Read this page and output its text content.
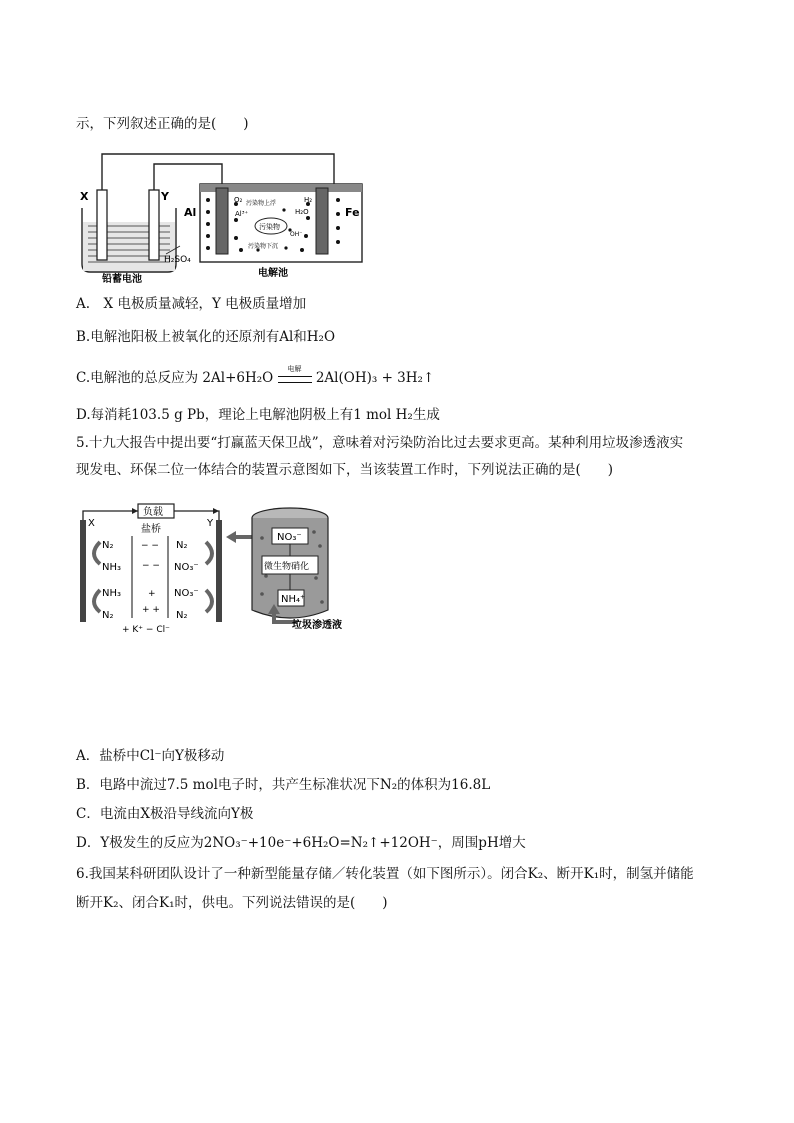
示，下列叙述正确的是(　　)
X	Y
H₂SO₄
铅蓄电池
Al	Fe
污染物
污染物上浮
污染物下沉
O₂
Al³⁺
H₂
H₂O
OH⁻
电解池
A.　X 电极质量减轻，Y 电极质量增加
B.电解池阳极上被氧化的还原剂有Al和H₂O
C.电解池的总反应为 2Al+6H₂O
电解
2Al(OH)₃ + 3H₂↑
D.每消耗103.5 g Pb，理论上电解池阴极上有1 mol H₂生成
5.十九大报告中提出要“打赢蓝天保卫战”，意味着对污染防治比过去要求更高。某种利用垃圾渗透液实
现发电、环保二位一体结合的装置示意图如下，当该装置工作时，下列说法正确的是(　　)
负载
X	Y
盐桥
− −
− −
+
+ +
N₂
NH₃
NH₃
N₂
N₂
NO₃⁻
NO₃⁻
N₂
+ K⁺ − Cl⁻
NO₃⁻
微生物硝化
NH₄⁺
垃圾渗透液
A．盐桥中Cl⁻向Y极移动
B．电路中流过7.5 mol电子时，共产生标准状况下N₂的体积为16.8L
C．电流由X极沿导线流向Y极
D．Y极发生的反应为2NO₃⁻+10e⁻+6H₂O=N₂↑+12OH⁻，周围pH增大
6.我国某科研团队设计了一种新型能量存储／转化装置（如下图所示）。闭合K₂、断开K₁时，制氢并储能
断开K₂、闭合K₁时，供电。下列说法错误的是(　　)
